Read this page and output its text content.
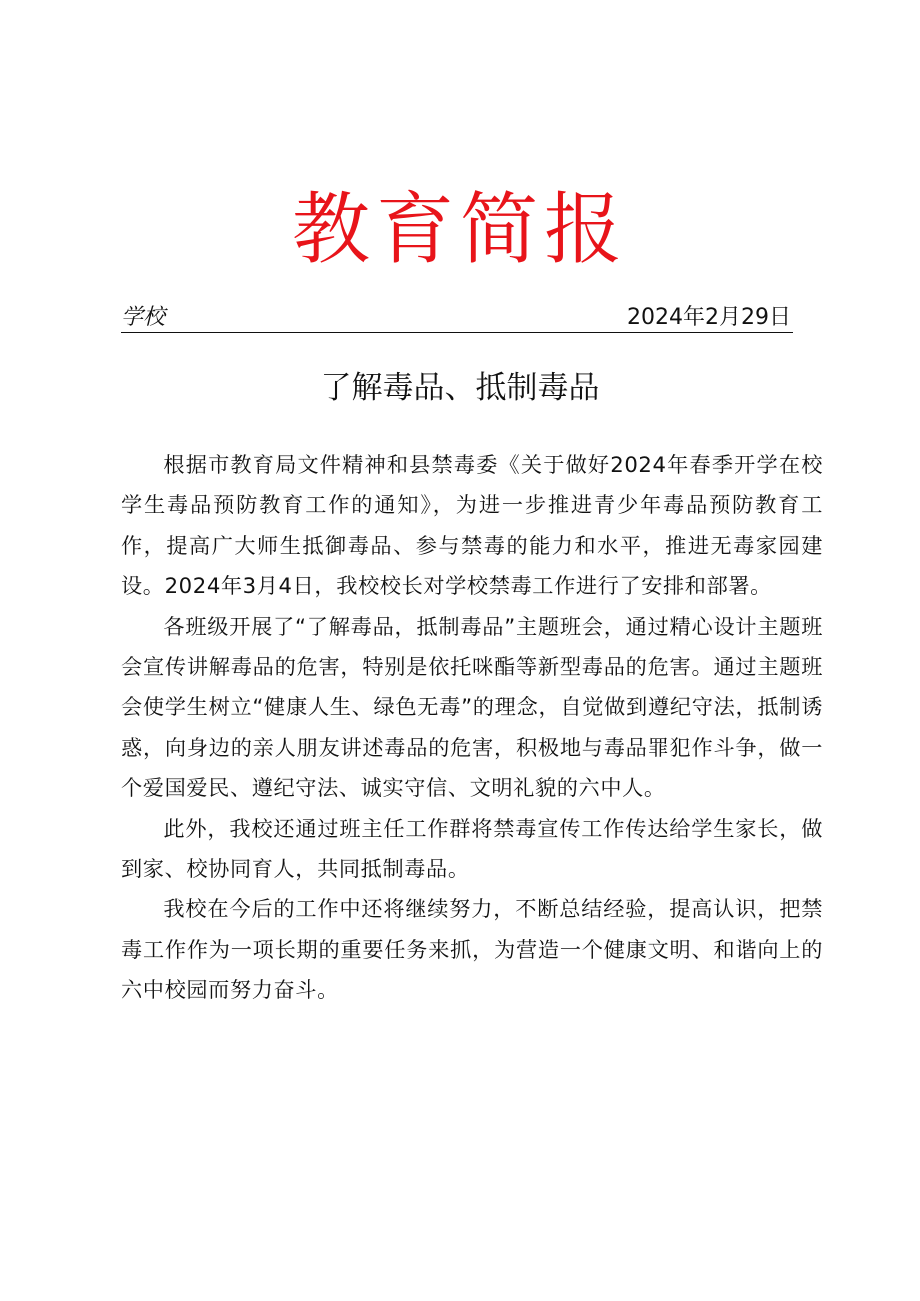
教育简报
学校	2024年2月29日
了解毒品、抵制毒品

根据市教育局文件精神和县禁毒委《关于做好2024年春季开学在校学生毒品预防教育工作的通知》，为进一步推进青少年毒品预防教育工作，提高广大师生抵御毒品、参与禁毒的能力和水平，推进无毒家园建设。2024年3月4日，我校校长对学校禁毒工作进行了安排和部署。

各班级开展了“了解毒品，抵制毒品”主题班会，通过精心设计主题班会宣传讲解毒品的危害，特别是依托咪酯等新型毒品的危害。通过主题班会使学生树立“健康人生、绿色无毒”的理念，自觉做到遵纪守法，抵制诱惑，向身边的亲人朋友讲述毒品的危害，积极地与毒品罪犯作斗争，做一个爱国爱民、遵纪守法、诚实守信、文明礼貌的六中人。

此外，我校还通过班主任工作群将禁毒宣传工作传达给学生家长，做到家、校协同育人，共同抵制毒品。

我校在今后的工作中还将继续努力，不断总结经验，提高认识，把禁毒工作作为一项长期的重要任务来抓，为营造一个健康文明、和谐向上的六中校园而努力奋斗。
